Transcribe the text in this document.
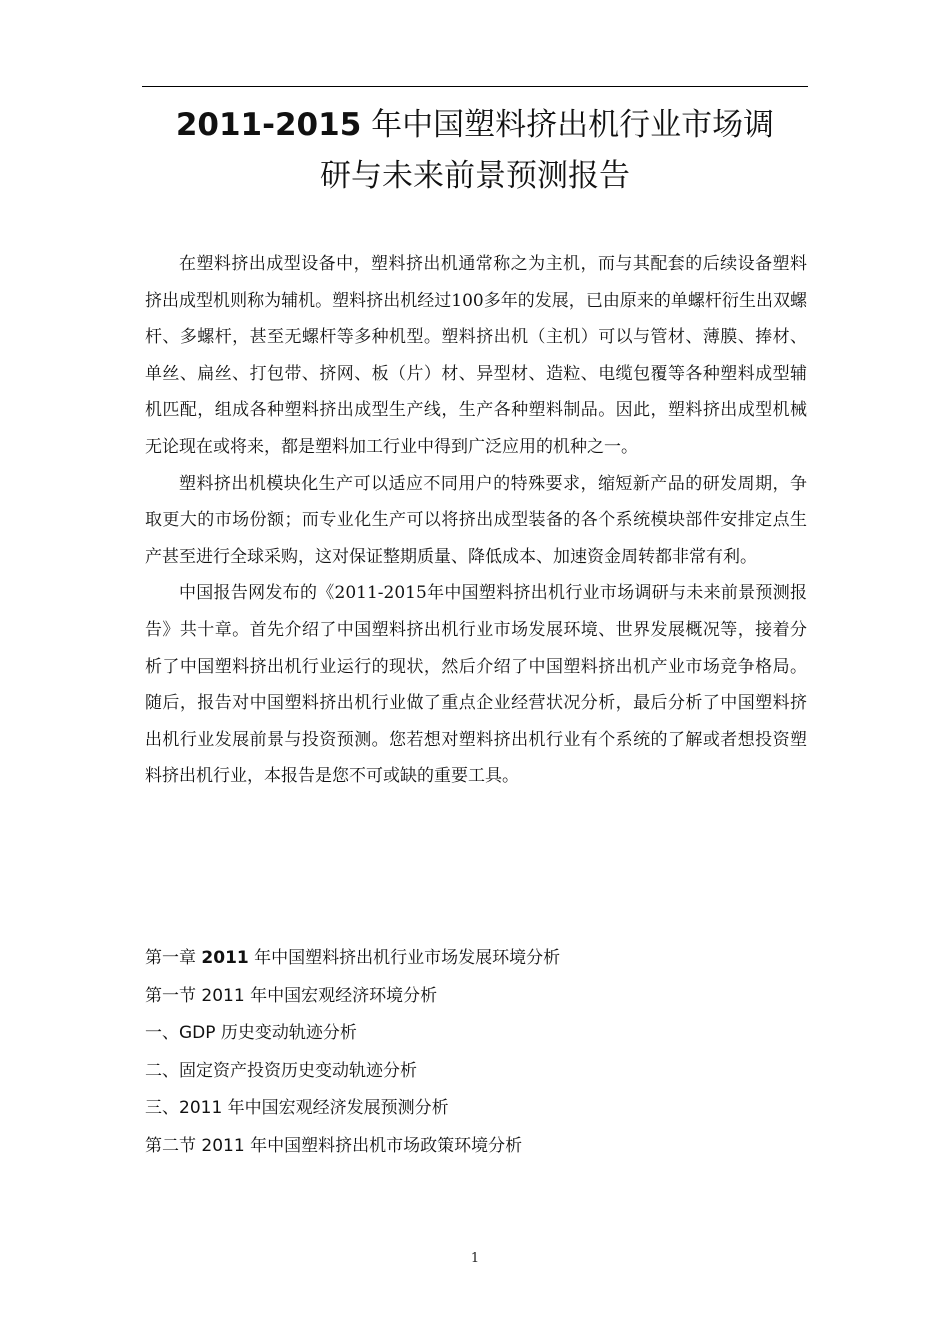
2011-2015 年中国塑料挤出机行业市场调
研与未来前景预测报告

在塑料挤出成型设备中，塑料挤出机通常称之为主机，而与其配套的后续设备塑料挤出成型机则称为辅机。塑料挤出机经过100多年的发展，已由原来的单螺杆衍生出双螺杆、多螺杆，甚至无螺杆等多种机型。塑料挤出机（主机）可以与管材、薄膜、捧材、单丝、扁丝、打包带、挤网、板（片）材、异型材、造粒、电缆包覆等各种塑料成型辅机匹配，组成各种塑料挤出成型生产线，生产各种塑料制品。因此，塑料挤出成型机械无论现在或将来，都是塑料加工行业中得到广泛应用的机种之一。

塑料挤出机模块化生产可以适应不同用户的特殊要求，缩短新产品的研发周期，争取更大的市场份额；而专业化生产可以将挤出成型装备的各个系统模块部件安排定点生产甚至进行全球采购，这对保证整期质量、降低成本、加速资金周转都非常有利。

中国报告网发布的《2011-2015年中国塑料挤出机行业市场调研与未来前景预测报告》共十章。首先介绍了中国塑料挤出机行业市场发展环境、世界发展概况等，接着分析了中国塑料挤出机行业运行的现状，然后介绍了中国塑料挤出机产业市场竞争格局。随后，报告对中国塑料挤出机行业做了重点企业经营状况分析，最后分析了中国塑料挤出机行业发展前景与投资预测。您若想对塑料挤出机行业有个系统的了解或者想投资塑料挤出机行业，本报告是您不可或缺的重要工具。

第一章 2011 年中国塑料挤出机行业市场发展环境分析
第一节 2011 年中国宏观经济环境分析
一、GDP 历史变动轨迹分析
二、固定资产投资历史变动轨迹分析
三、2011 年中国宏观经济发展预测分析
第二节 2011 年中国塑料挤出机市场政策环境分析
1
